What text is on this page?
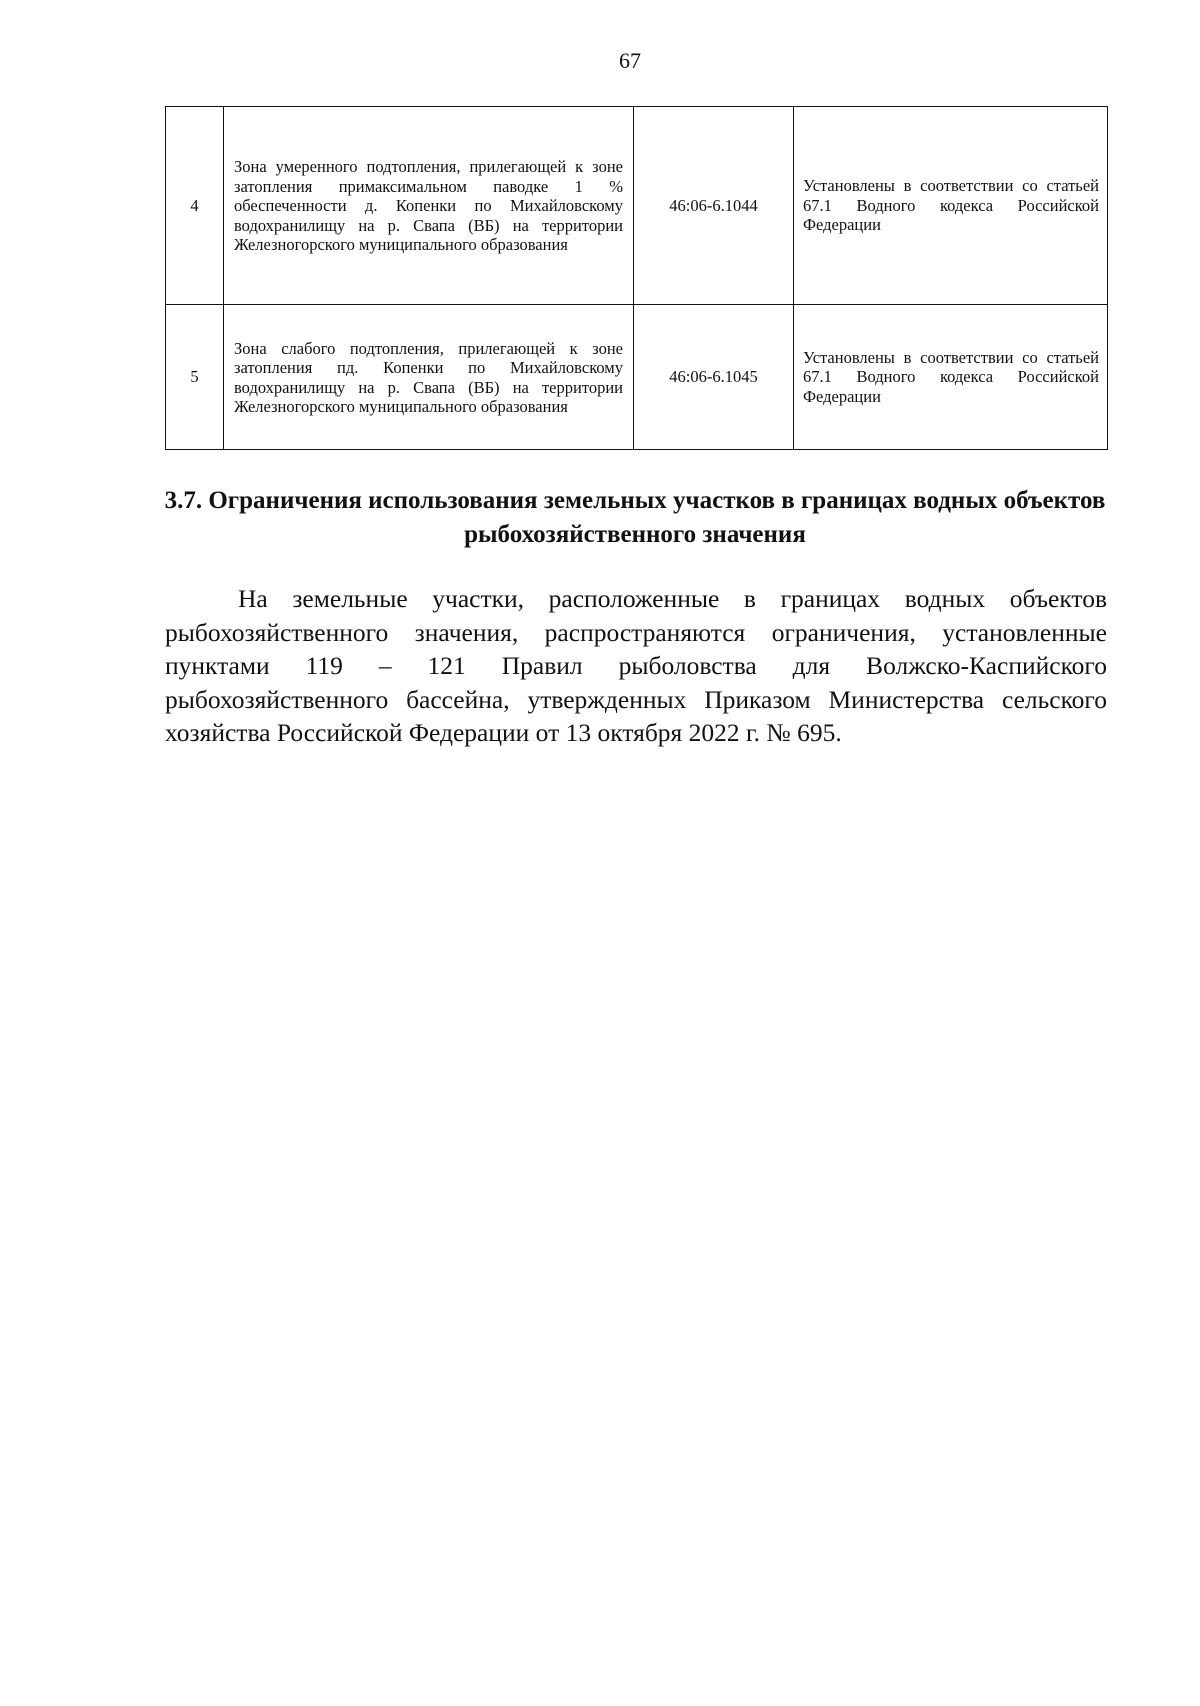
67
4	Зона умеренного подтопления, прилегающей к зоне затопления примаксимальном паводке 1 % обеспеченности д. Копенки по Михайловскому водохранилищу на р. Свапа (ВБ) на территории Железногорского муниципального образования	46:06-6.1044	Установлены в соответствии со статьей 67.1 Водного кодекса Российской Федерации
5	Зона слабого подтопления, прилегающей к зоне затопления пд. Копенки по Михайловскому водохранилищу на р. Свапа (ВБ) на территории Железногорского муниципального образования	46:06-6.1045	Установлены в соответствии со статьей 67.1 Водного кодекса Российской Федерации
3.7. Ограничения использования земельных участков в границах водных объектов рыбохозяйственного значения
На земельные участки, расположенные в границах водных объектов рыбохозяйственного значения, распространяются ограничения, установленные пунктами 119 – 121 Правил рыболовства для Волжско-Каспийского рыбохозяйственного бассейна, утвержденных Приказом Министерства сельского хозяйства Российской Федерации от 13 октября 2022 г. № 695.
